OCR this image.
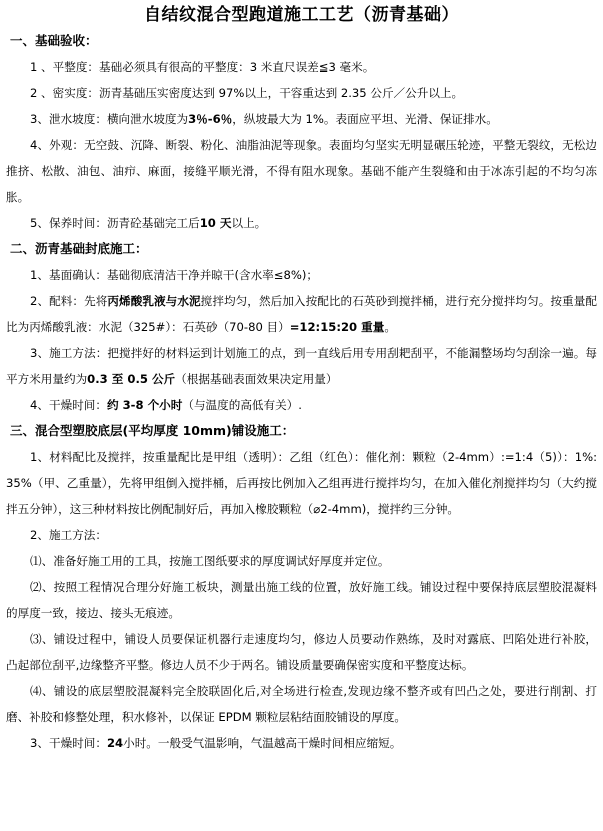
自结纹混合型跑道施工工艺（沥青基础）
一、基础验收：

1 、平整度：基础必须具有很高的平整度：3 米直尺误差≦3 毫米。

2 、密实度：沥青基础压实密度达到 97%以上，干容重达到 2.35 公斤／公升以上。

3、泄水坡度：横向泄水坡度为3％-6％，纵坡最大为 1%。表面应平坦、光滑、保证排水。

4、外观：无空鼓、沉降、断裂、粉化、油脂油泥等现象。表面均匀坚实无明显碾压轮迹，平整无裂纹，无松边推挤、松散、油包、油疖、麻面，接缝平顺光滑，不得有阻水现象。基础不能产生裂缝和由于冰冻引起的不均匀冻胀。

5、保养时间：沥青砼基础完工后10 天以上。

二、沥青基础封底施工：

1、基面确认：基础彻底清洁干净并晾干(含水率≤8%)；

2、配料：先将丙烯酸乳液与水泥搅拌均匀，然后加入按配比的石英砂到搅拌桶，进行充分搅拌均匀。按重量配比为丙烯酸乳液：水泥（325#）：石英砂（70-80 目）=12:15:20 重量。

3、施工方法：把搅拌好的材料运到计划施工的点，到一直线后用专用刮耙刮平，不能漏整场均匀刮涂一遍。每平方米用量约为0.3 至 0.5 公斤（根据基础表面效果决定用量）

4、干燥时间：约 3-8 个小时（与温度的高低有关）.

三、混合型塑胶底层(平均厚度 10mm)铺设施工：

1、材料配比及搅拌，按重量配比是甲组（透明）：乙组（红色）：催化剂：颗粒（2-4mm）:=1:4（5)）：1%:35%（甲、乙重量），先将甲组倒入搅拌桶，后再按比例加入乙组再进行搅拌均匀，在加入催化剂搅拌均匀（大约搅拌五分钟），这三种材料按比例配制好后，再加入橡胶颗粒（⌀2-4mm)，搅拌约三分钟。

2、施工方法：

⑴、准备好施工用的工具，按施工图纸要求的厚度调试好厚度并定位。

⑵、按照工程情况合理分好施工板块，测量出施工线的位置，放好施工线。铺设过程中要保持底层塑胶混凝料的厚度一致，接边、接头无痕迹。

⑶、铺设过程中，铺设人员要保证机器行走速度均匀，修边人员要动作熟练，及时对露底、凹陷处进行补胶，凸起部位刮平,边缘整齐平整。修边人员不少于两名。铺设质量要确保密实度和平整度达标。

⑷、铺设的底层塑胶混凝料完全胶联固化后,对全场进行检查,发现边缘不整齐或有凹凸之处，要进行削割、打磨、补胶和修整处理，积水修补，以保证 EPDM 颗粒层粘结面胶铺设的厚度。

3、干燥时间：24小时。一般受气温影响，气温越高干燥时间相应缩短。
